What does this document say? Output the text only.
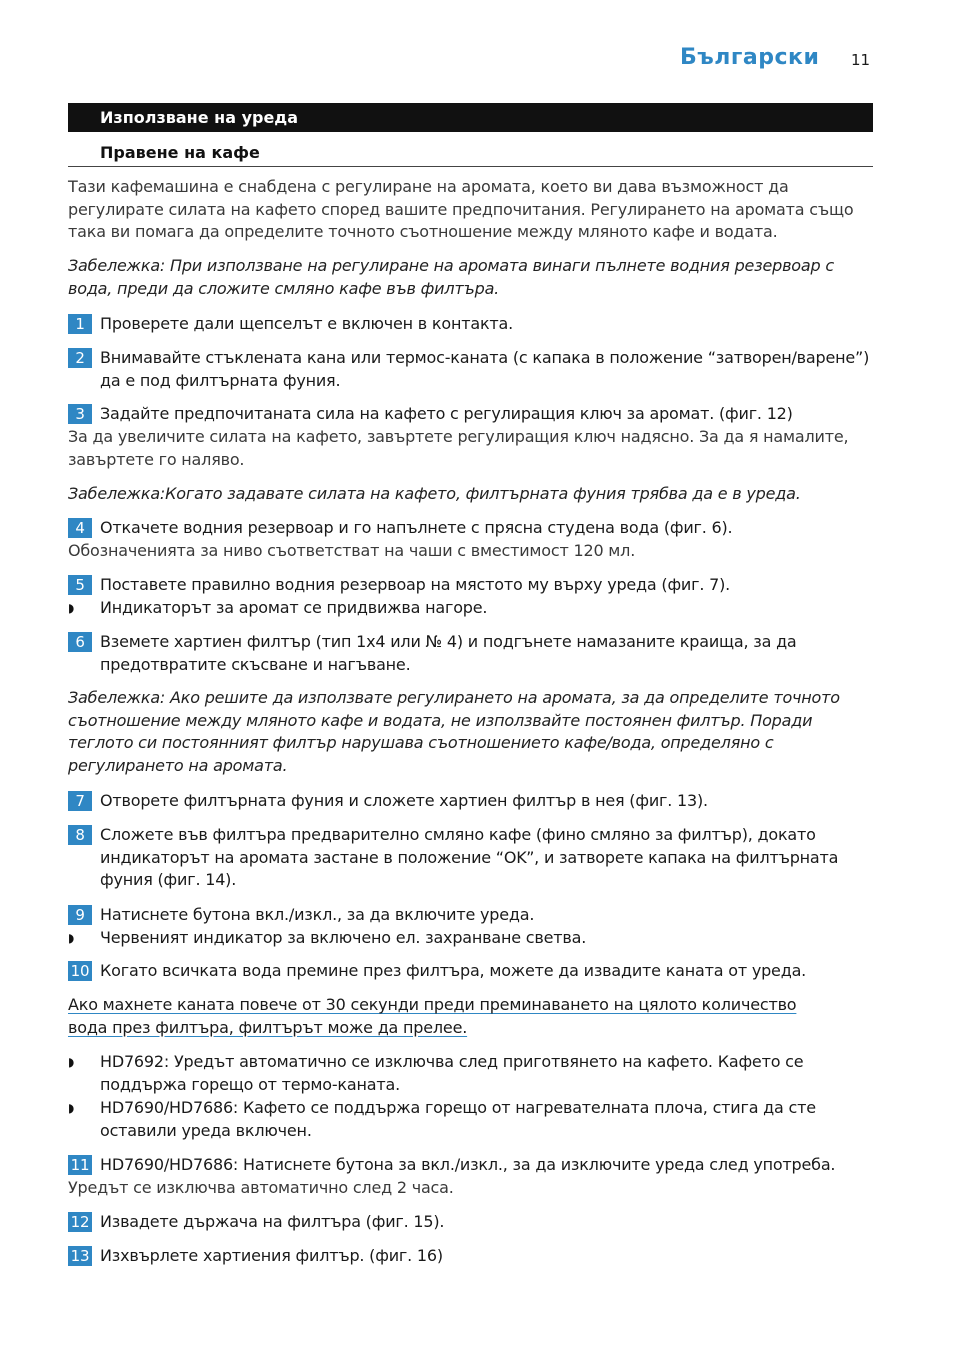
Български 11
Използване на уреда
Правене на кафе
Тази кафемашина е снабдена с регулиране на аромата, което ви дава възможност да регулирате силата на кафето според вашите предпочитания. Регулирането на аромата също така ви помага да определите точното съотношение между мляното кафе и водата.
Забележка: При използване на регулиране на аромата винаги пълнете водния резервоар с вода, преди да сложите смляно кафе във филтъра.
1 Проверете дали щепселът е включен в контакта.
2 Внимавайте стъклената кана или термос-каната (с капака в положение “затворен/варене”) да е под филтърната фуния.
3 Задайте предпочитаната сила на кафето с регулиращия ключ за аромат. (фиг. 12)
За да увеличите силата на кафето, завъртете регулиращия ключ надясно. За да я намалите, завъртете го наляво.
Забележка:Когато задавате силата на кафето, филтърната фуния трябва да е в уреда.
4 Откачете водния резервоар и го напълнете с прясна студена вода (фиг. 6).
Обозначенията за ниво съответстват на чаши с вместимост 120 мл.
5 Поставете правилно водния резервоар на мястото му върху уреда (фиг. 7).
◗ Индикаторът за аромат се придвижва нагоре.
6 Вземете хартиен филтър (тип 1x4 или № 4) и подгънете намазаните краища, за да предотвратите скъсване и нагъване.
Забележка: Ако решите да използвате регулирането на аромата, за да определите точното съотношение между мляното кафе и водата, не използвайте постоянен филтър. Поради теглото си постоянният филтър нарушава съотношението кафе/вода, определяно с регулирането на аромата.
7 Отворете филтърната фуния и сложете хартиен филтър в нея (фиг. 13).
8 Сложете във филтъра предварително смляно кафе (фино смляно за филтър), докато индикаторът на аромата застане в положение “OK”, и затворете капака на филтърната фуния (фиг. 14).
9 Натиснете бутона вкл./изкл., за да включите уреда.
◗ Червеният индикатор за включено ел. захранване светва.
10 Когато всичката вода премине през филтъра, можете да извадите каната от уреда.
Ако махнете каната повече от 30 секунди преди преминаването на цялото количество вода през филтъра, филтърът може да прелее.
◗ HD7692: Уредът автоматично се изключва след приготвянето на кафето. Кафето се поддържа горещо от термо-каната.
◗ HD7690/HD7686: Кафето се поддържа горещо от нагревателната плоча, стига да сте оставили уреда включен.
11 HD7690/HD7686: Натиснете бутона за вкл./изкл., за да изключите уреда след употреба.
Уредът се изключва автоматично след 2 часа.
12 Извадете държача на филтъра (фиг. 15).
13 Изхвърлете хартиения филтър. (фиг. 16)
